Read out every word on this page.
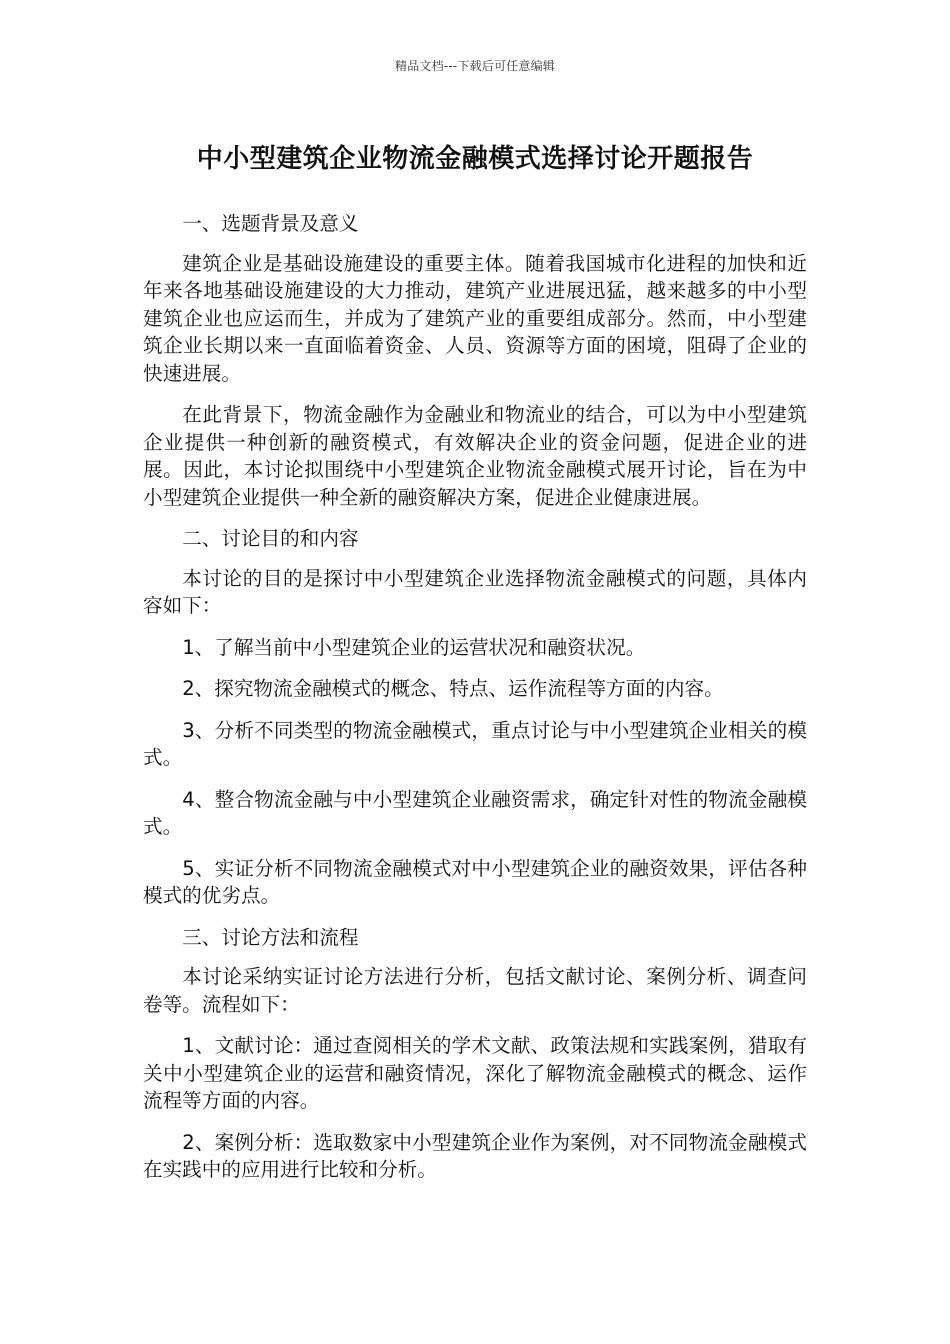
精品文档---下载后可任意编辑
中小型建筑企业物流金融模式选择讨论开题报告

一、选题背景及意义

建筑企业是基础设施建设的重要主体。随着我国城市化进程的加快和近年来各地基础设施建设的大力推动，建筑产业进展迅猛，越来越多的中小型建筑企业也应运而生，并成为了建筑产业的重要组成部分。然而，中小型建筑企业长期以来一直面临着资金、人员、资源等方面的困境，阻碍了企业的快速进展。

在此背景下，物流金融作为金融业和物流业的结合，可以为中小型建筑企业提供一种创新的融资模式，有效解决企业的资金问题，促进企业的进展。因此，本讨论拟围绕中小型建筑企业物流金融模式展开讨论，旨在为中小型建筑企业提供一种全新的融资解决方案，促进企业健康进展。

二、讨论目的和内容

本讨论的目的是探讨中小型建筑企业选择物流金融模式的问题，具体内容如下：

1、了解当前中小型建筑企业的运营状况和融资状况。

2、探究物流金融模式的概念、特点、运作流程等方面的内容。

3、分析不同类型的物流金融模式，重点讨论与中小型建筑企业相关的模式。

4、整合物流金融与中小型建筑企业融资需求，确定针对性的物流金融模式。

5、实证分析不同物流金融模式对中小型建筑企业的融资效果，评估各种模式的优劣点。

三、讨论方法和流程

本讨论采纳实证讨论方法进行分析，包括文献讨论、案例分析、调查问卷等。流程如下：

1、文献讨论：通过查阅相关的学术文献、政策法规和实践案例，猎取有关中小型建筑企业的运营和融资情况，深化了解物流金融模式的概念、运作流程等方面的内容。

2、案例分析：选取数家中小型建筑企业作为案例，对不同物流金融模式在实践中的应用进行比较和分析。
